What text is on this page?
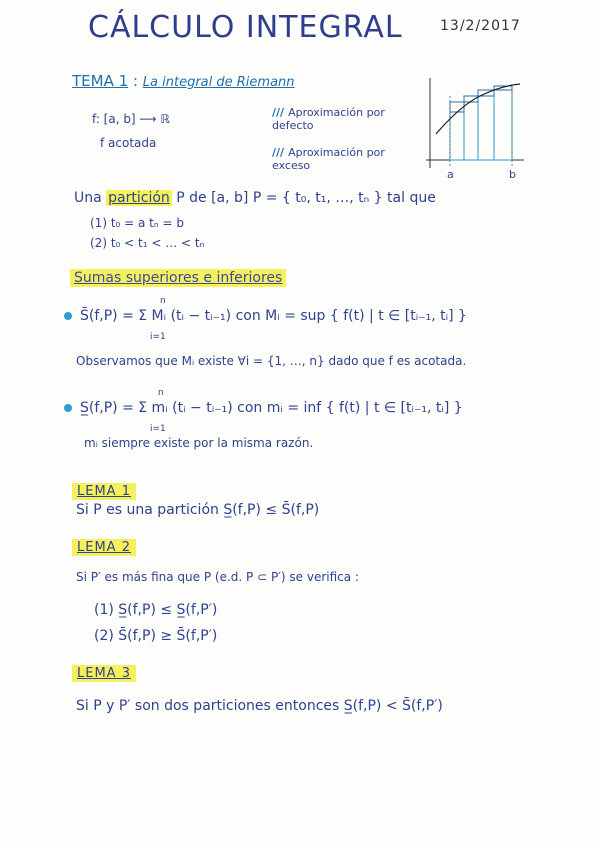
CÁLCULO INTEGRAL	13/2/2017
TEMA 1 : La integral de Riemann
f: [a, b] ⟶ ℝ
f acotada
/// Aproximación por defecto
/// Aproximación por exceso
a	b
Una partición P de [a, b] P = { t₀, t₁, …, tₙ } tal que
(1) t₀ = a tₙ = b
(2) t₀ < t₁ < … < tₙ
Sumas superiores e inferiores
S̄(f,P) = Σ Mᵢ (tᵢ − tᵢ₋₁) con Mᵢ = sup { f(t) | t ∈ [tᵢ₋₁, tᵢ] }
n
i=1
Observamos que Mᵢ existe ∀i = {1, …, n} dado que f es acotada.
S̲(f,P) = Σ mᵢ (tᵢ − tᵢ₋₁) con mᵢ = inf { f(t) | t ∈ [tᵢ₋₁, tᵢ] }
n
i=1
mᵢ siempre existe por la misma razón.
LEMA 1
Si P es una partición S̲(f,P) ≤ S̄(f,P)
LEMA 2
Si P′ es más fina que P (e.d. P ⊂ P′) se verifica :
(1) S̲(f,P) ≤ S̲(f,P′)
(2) S̄(f,P) ≥ S̄(f,P′)
LEMA 3
Si P y P′ son dos particiones entonces S̲(f,P) < S̄(f,P′)
